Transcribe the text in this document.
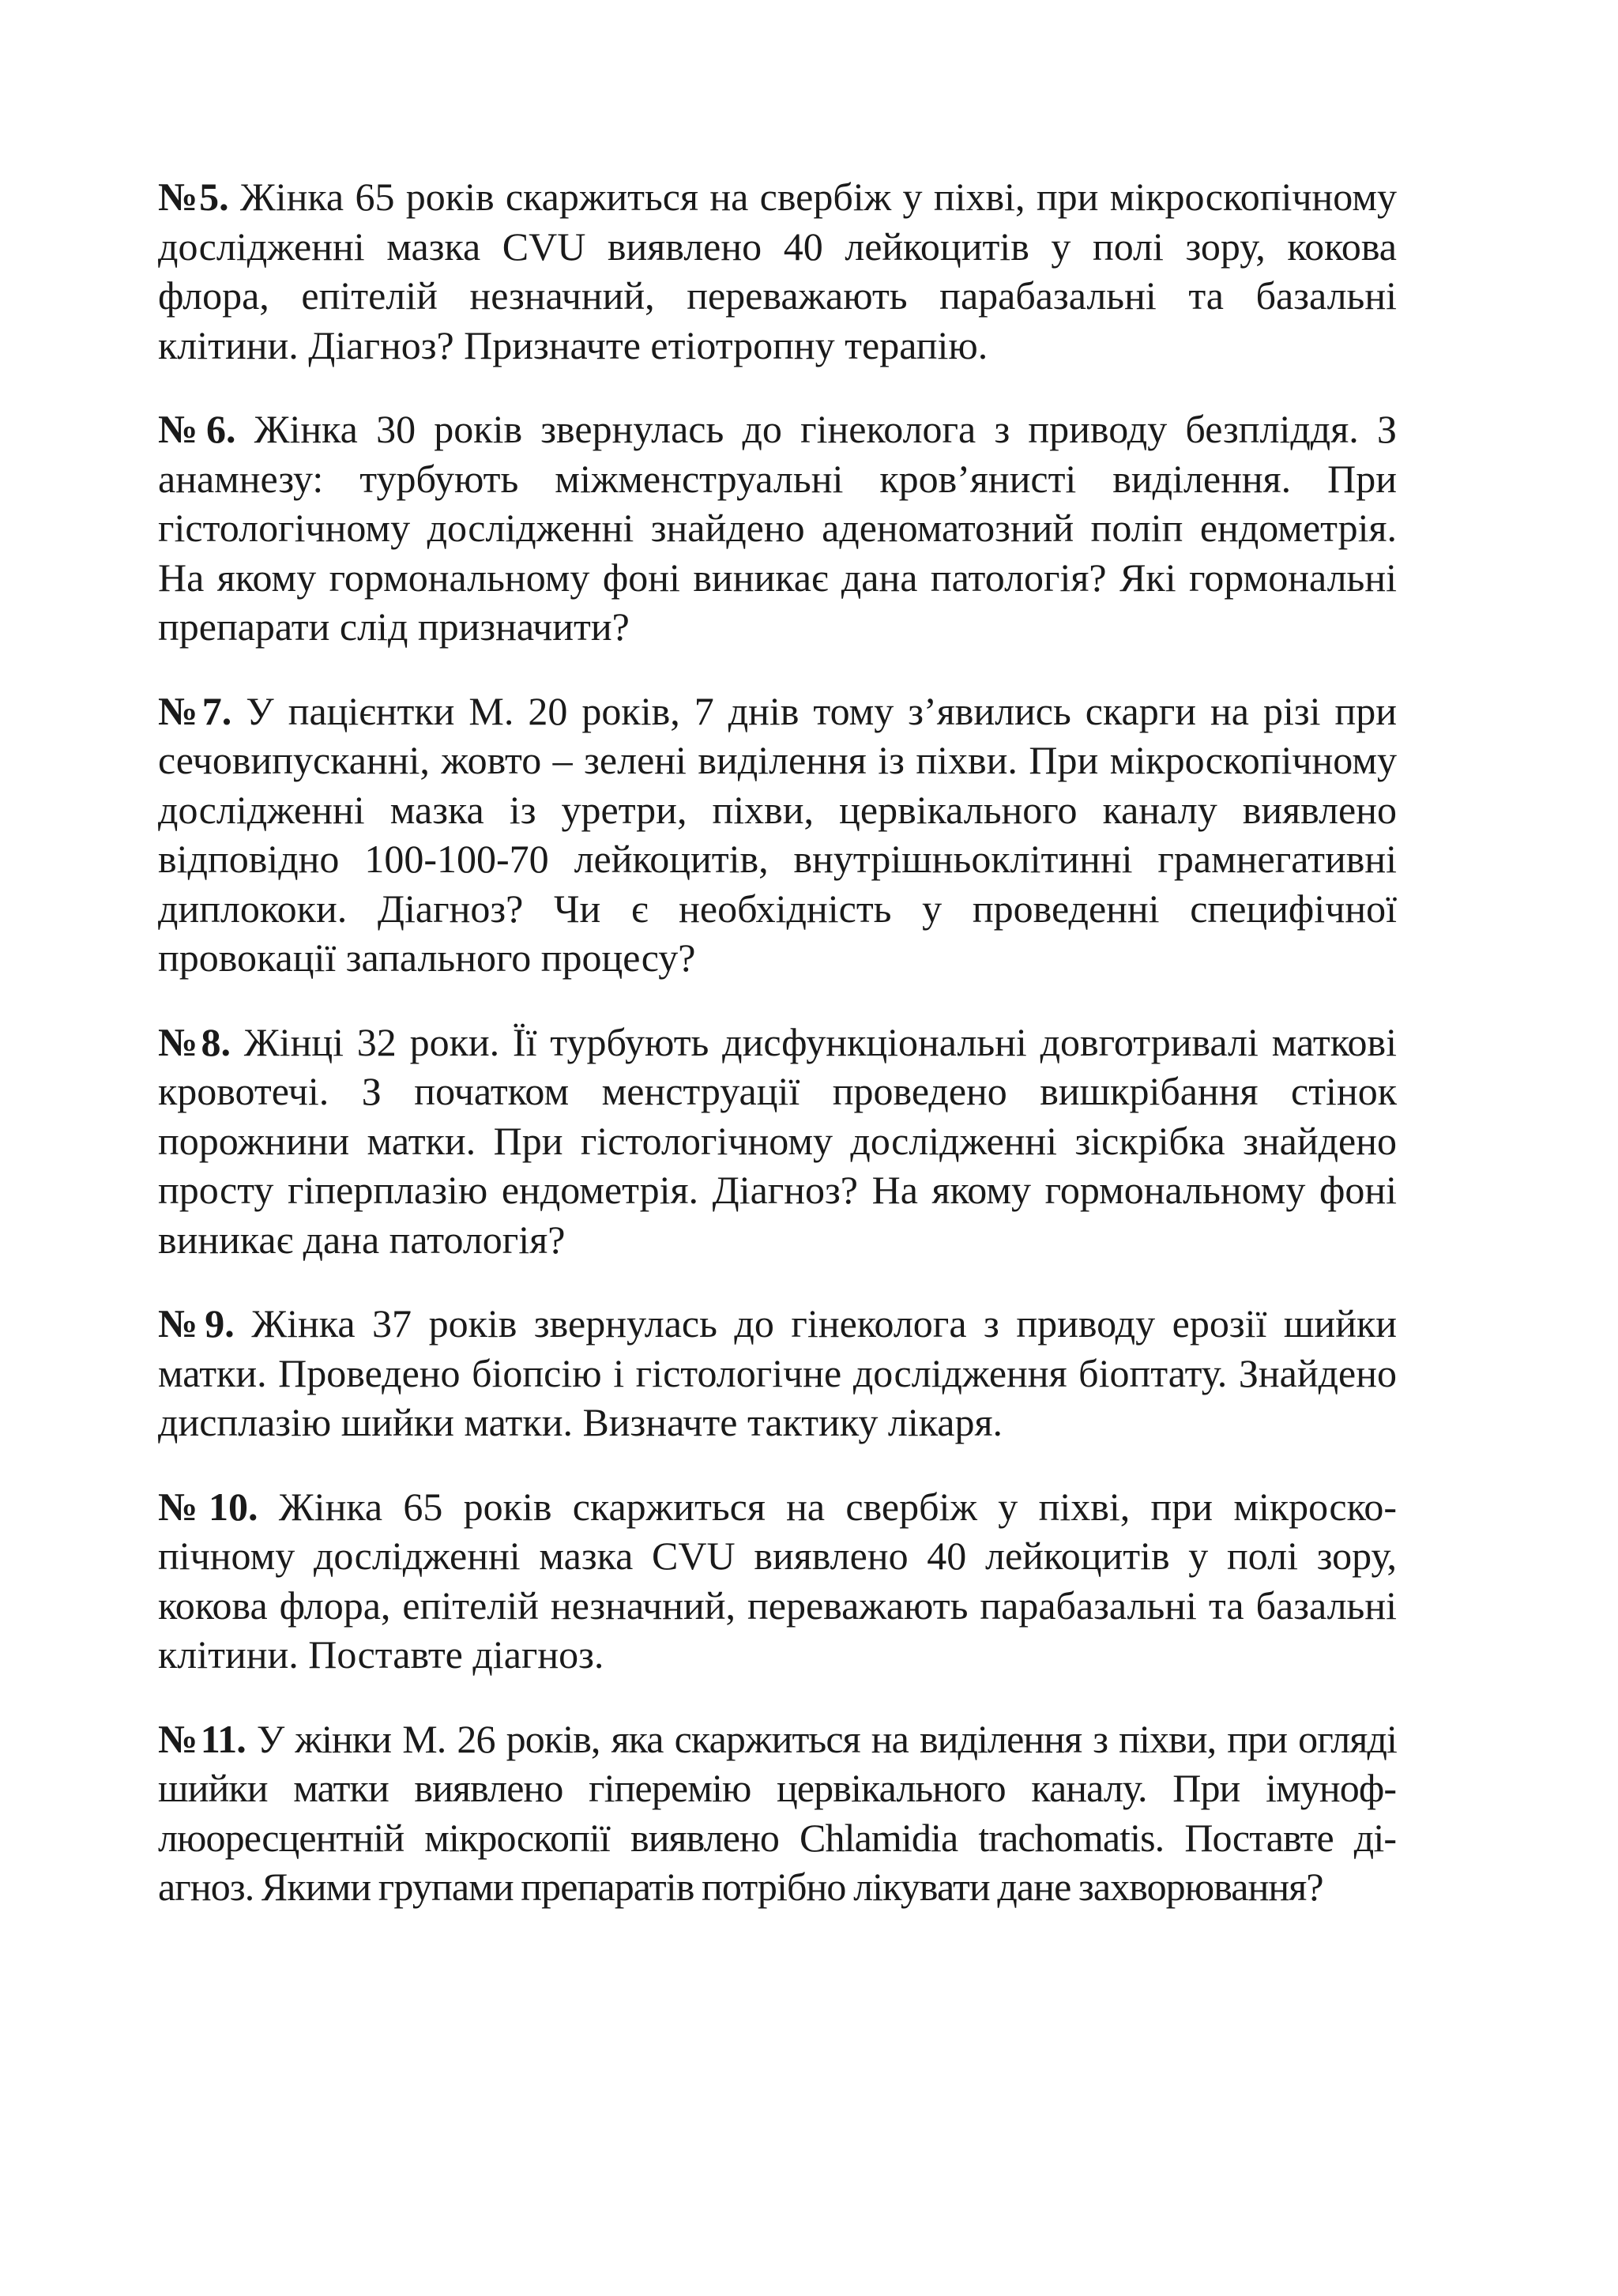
№5. Жінка 65 років скаржиться на свербіж у піхві, при мікроскопічному дослідженні мазка CVU виявлено 40 лейкоцитів у полі зору, кокова флора, епітелій незначний, переважають парабазальні та базальні клітини. Діагноз? Призначте етіотропну терапію.

№6. Жінка 30 років звернулась до гінеколога з приводу безпліддя. З анамнезу: турбують міжменструальні кров’янисті виділення. При гістологічному дослідженні знайдено аденоматозний поліп ендометрія. На якому гормональному фоні виникає дана патологія? Які гормональні препарати слід призначити?

№7. У пацієнтки М. 20 років, 7 днів тому з’явились скарги на різі при сечовипусканні, жовто – зелені виділення із піхви. При мікроскопічному дослідженні мазка із уретри, піхви, цервікального каналу виявлено відповідно 100-100-70 лейкоцитів, внутрішньоклітинні грамнегативні диплококи. Діагноз? Чи є необхідність у проведенні специфічної провокації запального процесу?

№8. Жінці 32 роки. Її турбують дисфункціональні довготривалі маткові кровотечі. З початком менструації проведено вишкрібання стінок порожнини матки. При гістологічному дослідженні зіскрібка знайдено просту гіперплазію ендометрія. Діагноз? На якому гормональному фоні виникає дана патологія?

№9. Жінка 37 років звернулась до гінеколога з приводу ерозії шийки матки. Проведено біопсію і гістологічне дослідження біоптату. Знайдено дисплазію шийки матки. Визначте тактику лікаря.

№10. Жінка 65 років скаржиться на свербіж у піхві, при мікроскопічному дослідженні мазка CVU виявлено 40 лейкоцитів у полі зору, кокова флора, епітелій незначний, переважають парабазальні та базальні клітини. Поставте діагноз.

№11. У жінки М. 26 років, яка скаржиться на виділення з піхви, при огляді шийки матки виявлено гіперемію цервікального каналу. При імунофлюоресцентній мікроскопії виявлено Chlamidia trachomatis. Поставте діагноз. Якими групами препаратів потрібно лікувати дане захворювання?
